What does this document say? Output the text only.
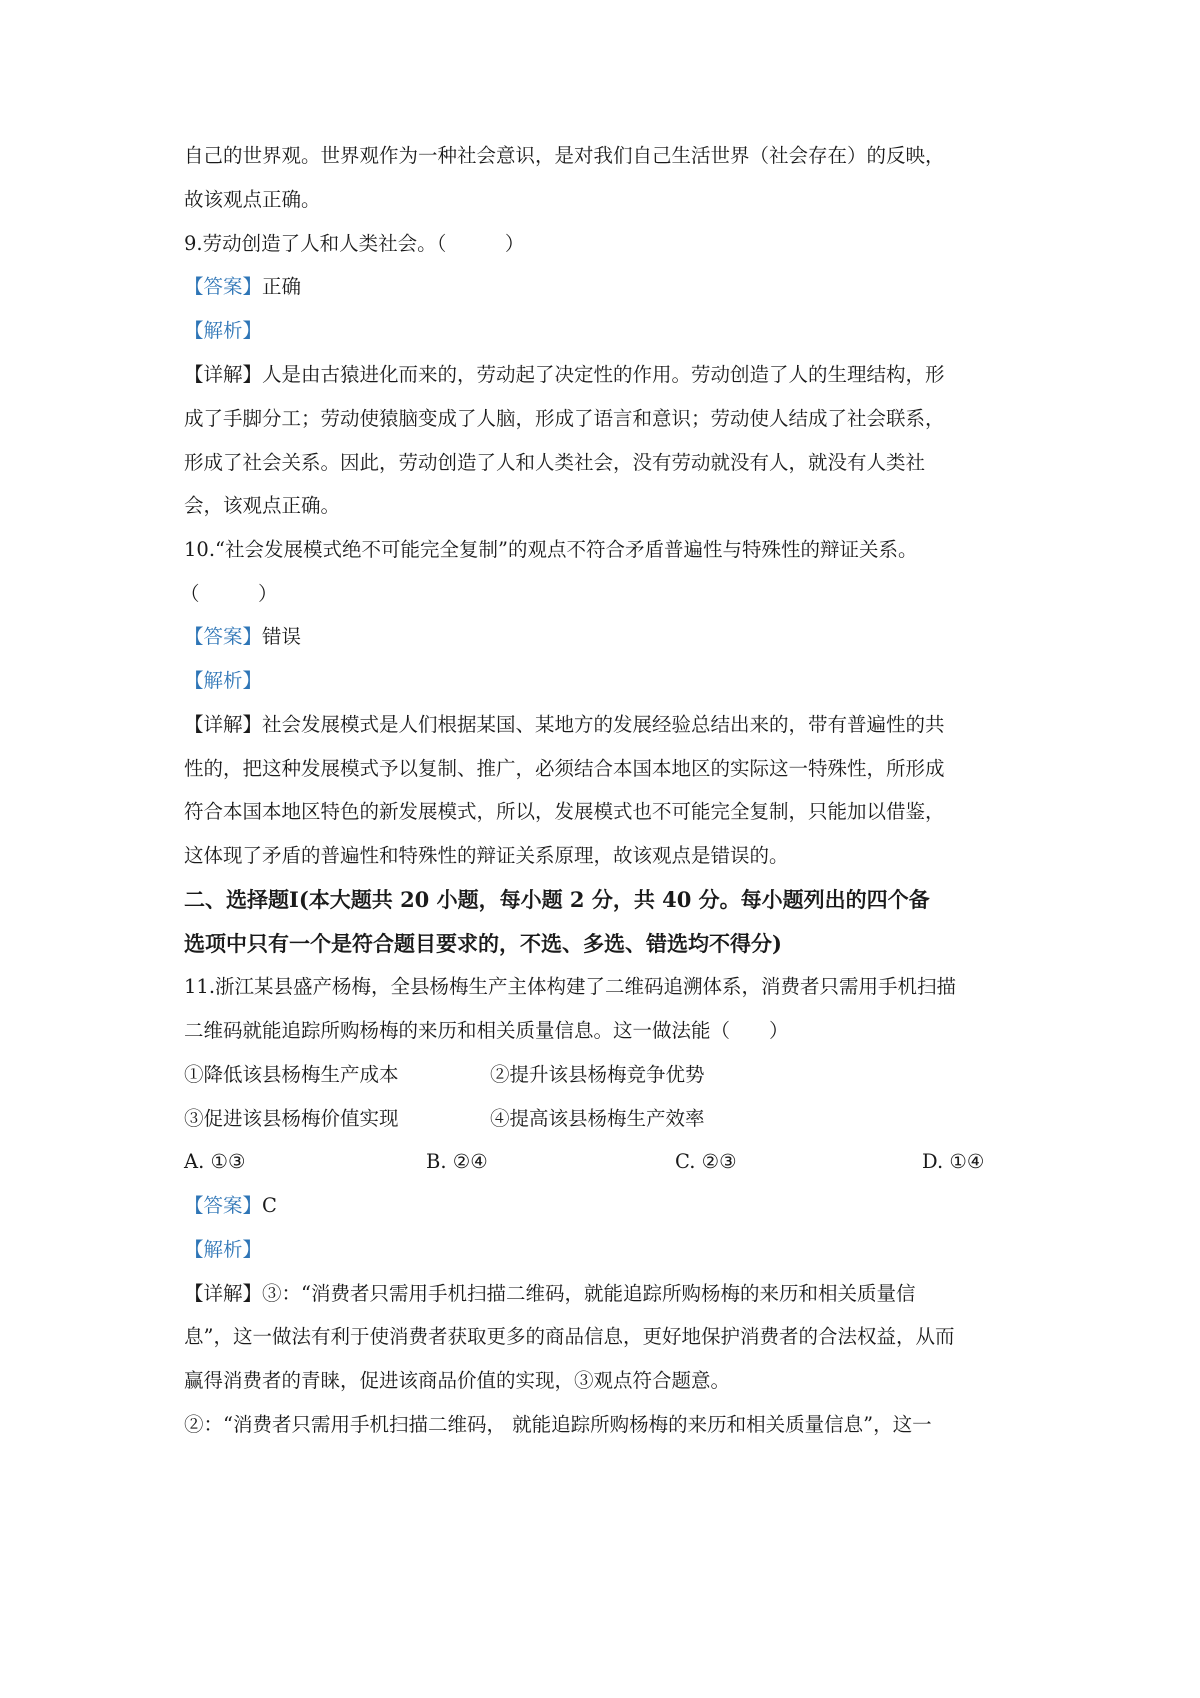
自己的世界观。世界观作为一种社会意识，是对我们自己生活世界（社会存在）的反映，
故该观点正确。
9.劳动创造了人和人类社会。（　　　）
【答案】正确
【解析】
【详解】人是由古猿进化而来的，劳动起了决定性的作用。劳动创造了人的生理结构，形
成了手脚分工；劳动使猿脑变成了人脑，形成了语言和意识；劳动使人结成了社会联系，
形成了社会关系。因此，劳动创造了人和人类社会，没有劳动就没有人，就没有人类社
会，该观点正确。
10.“社会发展模式绝不可能完全复制”的观点不符合矛盾普遍性与特殊性的辩证关系。
（　　　）
【答案】错误
【解析】
【详解】社会发展模式是人们根据某国、某地方的发展经验总结出来的，带有普遍性的共
性的，把这种发展模式予以复制、推广，必须结合本国本地区的实际这一特殊性，所形成
符合本国本地区特色的新发展模式，所以，发展模式也不可能完全复制，只能加以借鉴，
这体现了矛盾的普遍性和特殊性的辩证关系原理，故该观点是错误的。
二、选择题Ⅰ(本大题共 20 小题，每小题 2 分，共 40 分。每小题列出的四个备
选项中只有一个是符合题目要求的，不选、多选、错选均不得分)
11.浙江某县盛产杨梅，全县杨梅生产主体构建了二维码追溯体系，消费者只需用手机扫描
二维码就能追踪所购杨梅的来历和相关质量信息。这一做法能（　　）
①降低该县杨梅生产成本	②提升该县杨梅竞争优势
③促进该县杨梅价值实现	④提高该县杨梅生产效率
A. ①③	B. ②④	C. ②③	D. ①④
【答案】C
【解析】
【详解】③：“消费者只需用手机扫描二维码，就能追踪所购杨梅的来历和相关质量信
息”，这一做法有利于使消费者获取更多的商品信息，更好地保护消费者的合法权益，从而
赢得消费者的青睐，促进该商品价值的实现，③观点符合题意。
②：“消费者只需用手机扫描二维码， 就能追踪所购杨梅的来历和相关质量信息”，这一
